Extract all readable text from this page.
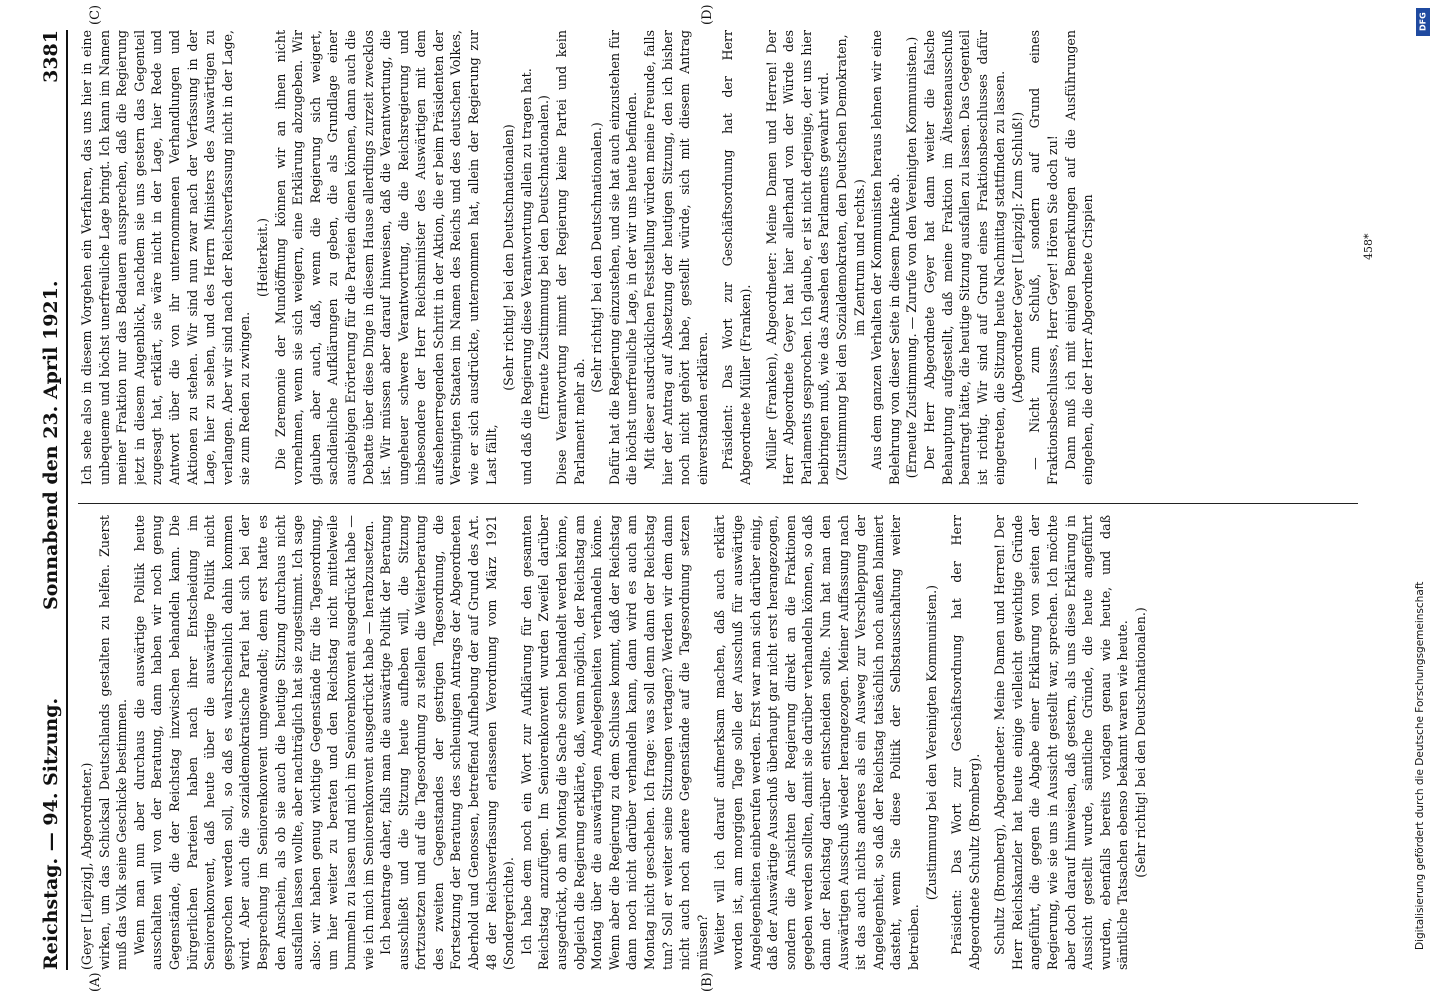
Reichstag. — 94. Sitzung.
Sonnabend den 23. April 1921.
3381
(A)	(B)
(C)	(D)

(Geyer [Leipzig], Abgeordneter.) wirken, um das Schicksal Deutschlands gestalten zu helfen. Zuerst muß das Volk seine Geschicke bestimmen. Wenn man nun aber durchaus die auswärtige Politik heute ausschalten will von der Beratung, dann haben wir noch genug Gegenstände, die der Reichstag inzwischen behandeln kann. Die bürgerlichen Parteien haben nach ihrer Entscheidung im Seniorenkonvent, daß heute über die auswärtige Politik nicht gesprochen werden soll, so daß es wahrscheinlich dahin kommen wird. Aber auch die sozialdemokratische Partei hat sich bei der Besprechung im Seniorenkonvent umgewandelt; denn erst hatte es den Anschein, als ob sie auch die heutige Sitzung durchaus nicht ausfallen lassen wollte, aber nachträglich hat sie zugestimmt. Ich sage also: wir haben genug wichtige Gegenstände für die Tagesordnung, um hier weiter zu beraten und den Reichstag nicht mittelweile bummeln zu lassen und mich im Seniorenkonvent ausgedrückt habe — wie ich mich im Seniorenkonvent ausgedrückt habe — herabzusetzen. Ich beantrage daher, falls man die auswärtige Politik der Beratung ausschließt und die Sitzung heute aufheben will, die Sitzung fortzusetzen und auf die Tagesordnung zu stellen die Weiterberatung des zweiten Gegenstandes der gestrigen Tagesordnung, die Fortsetzung der Beratung des schleunigen Antrags der Abgeordneten Aberhold und Genossen, betreffend Aufhebung der auf Grund des Art. 48 der Reichsverfassung erlassenen Verordnung vom März 1921 (Sondergerichte). Ich habe dem noch ein Wort zur Aufklärung für den gesamten Reichstag anzufügen. Im Seniorenkonvent wurden Zweifel darüber ausgedrückt, ob am Montag die Sache schon behandelt werden könne, obgleich die Regierung erklärte, daß, wenn möglich, der Reichstag am Montag über die auswärtigen Angelegenheiten verhandeln könne. Wenn aber die Regierung zu dem Schlusse kommt, daß der Reichstag dann noch nicht darüber verhandeln kann, dann wird es auch am Montag nicht geschehen. Ich frage: was soll denn dann der Reichstag tun? Soll er weiter seine Sitzungen vertagen? Werden wir dem dann nicht auch noch andere Gegenstände auf die Tagesordnung setzen müssen? Weiter will ich darauf aufmerksam machen, daß auch erklärt worden ist, am morgigen Tage solle der Ausschuß für auswärtige Angelegenheiten einberufen werden. Erst war man sich darüber einig, daß der Auswärtige Ausschuß überhaupt gar nicht erst herangezogen, sondern die Ansichten der Regierung direkt an die Fraktionen gegeben werden sollten, damit sie darüber verhandeln können, so daß dann der Reichstag darüber entscheiden sollte. Nun hat man den Auswärtigen Ausschuß wieder herangezogen. Meiner Auffassung nach ist das auch nichts anderes als ein Ausweg zur Verschleppung der Angelegenheit, so daß der Reichstag tatsächlich noch außen blamiert dasteht, wenn Sie diese Politik der Selbstausschaltung weiter betreiben.

(Zustimmung bei den Vereinigten Kommunisten.) Präsident: Das Wort zur Geschäftsordnung hat der Herr Abgeordnete Schultz (Bromberg). Schultz (Bromberg), Abgeordneter: Meine Damen und Herren! Der Herr Reichskanzler hat heute einige vielleicht gewichtige Gründe angeführt, die gegen die Abgabe einer Erklärung von seiten der Regierung, wie sie uns in Aussicht gestellt war, sprechen. Ich möchte aber doch darauf hinweisen, daß gestern, als uns diese Erklärung in Aussicht gestellt wurde, sämtliche Gründe, die heute angeführt wurden, ebenfalls bereits vorlagen genau wie heute, und daß sämtliche Tatsachen ebenso bekannt waren wie heute. (Sehr richtig! bei den Deutschnationalen.)

Ich sehe also in diesem Vorgehen ein Verfahren, das uns hier in eine unbequeme und höchst unerfreuliche Lage bringt. Ich kann im Namen meiner Fraktion nur das Bedauern aussprechen, daß die Regierung jetzt in diesem Augenblick, nachdem sie uns gestern das Gegenteil zugesagt hat, erklärt, sie wäre nicht in der Lage, hier Rede und Antwort über die von ihr unternommenen Verhandlungen und Aktionen zu stehen. Wir sind nun zwar nach der Verfassung in der Lage, hier zu sehen, und des Herrn Ministers des Auswärtigen zu verlangen. Aber wir sind nach der Reichsverfassung nicht in der Lage, sie zum Reden zu zwingen.

(Heiterkeit.) Die Zeremonie der Mundöffnung können wir an ihnen nicht vornehmen, wenn sie sich weigern, eine Erklärung abzugeben. Wir glauben aber auch, daß, wenn die Regierung sich weigert, sachdienliche Aufklärungen zu geben, die als Grundlage einer ausgiebigen Erörterung für die Parteien dienen können, dann auch die Debatte über diese Dinge in diesem Hause allerdings zurzeit zwecklos ist. Wir müssen aber darauf hinweisen, daß die Verantwortung, die ungeheuer schwere Verantwortung, die die Reichsregierung und insbesondere der Herr Reichsminister des Auswärtigen mit dem aufsehenerregenden Schritt in der Aktion, die er beim Präsidenten der Vereinigten Staaten im Namen des Reichs und des deutschen Volkes, wie er sich ausdrückte, unternommen hat, allein der Regierung zur Last fällt,

(Sehr richtig! bei den Deutschnationalen) und daß die Regierung diese Verantwortung allein zu tragen hat. (Erneute Zustimmung bei den Deutschnationalen.) Diese Verantwortung nimmt der Regierung keine Partei und kein Parlament mehr ab.

(Sehr richtig! bei den Deutschnationalen.) Dafür hat die Regierung einzustehen, und sie hat auch einzustehen für die höchst unerfreuliche Lage, in der wir uns heute befinden. Mit dieser ausdrücklichen Feststellung würden meine Freunde, falls hier der Antrag auf Absetzung der heutigen Sitzung, den ich bisher noch nicht gehört habe, gestellt würde, sich mit diesem Antrag einverstanden erklären. Präsident: Das Wort zur Geschäftsordnung hat der Herr Abgeordnete Müller (Franken). Müller (Franken), Abgeordneter: Meine Damen und Herren! Der Herr Abgeordnete Geyer hat hier allerhand von der Würde des Parlaments gesprochen. Ich glaube, er ist nicht derjenige, der uns hier beibringen muß, wie das Ansehen des Parlaments gewahrt wird. (Zustimmung bei den Sozialdemokraten, den Deutschen Demokraten, im Zentrum und rechts.) Aus dem ganzen Verhalten der Kommunisten heraus lehnen wir eine Belehrung von dieser Seite in diesem Punkte ab. (Erneute Zustimmung. — Zurufe von den Vereinigten Kommunisten.) Der Herr Abgeordnete Geyer hat dann weiter die falsche Behauptung aufgestellt, daß meine Fraktion im Ältestenausschuß beantragt hätte, die heutige Sitzung ausfallen zu lassen. Das Gegenteil ist richtig. Wir sind auf Grund eines Fraktionsbeschlusses dafür eingetreten, die Sitzung heute Nachmittag stattfinden zu lassen. (Abgeordneter Geyer [Leipzig]: Zum Schluß!) — Nicht zum Schluß, sondern auf Grund eines Fraktionsbeschlusses, Herr Geyer! Hören Sie doch zu! Dann muß ich mit einigen Bemerkungen auf die Ausführungen eingehen, die der Herr Abgeordnete Crispien	458*
Digitalisierung gefördert durch die Deutsche Forschungsgemeinschaft
DFG
